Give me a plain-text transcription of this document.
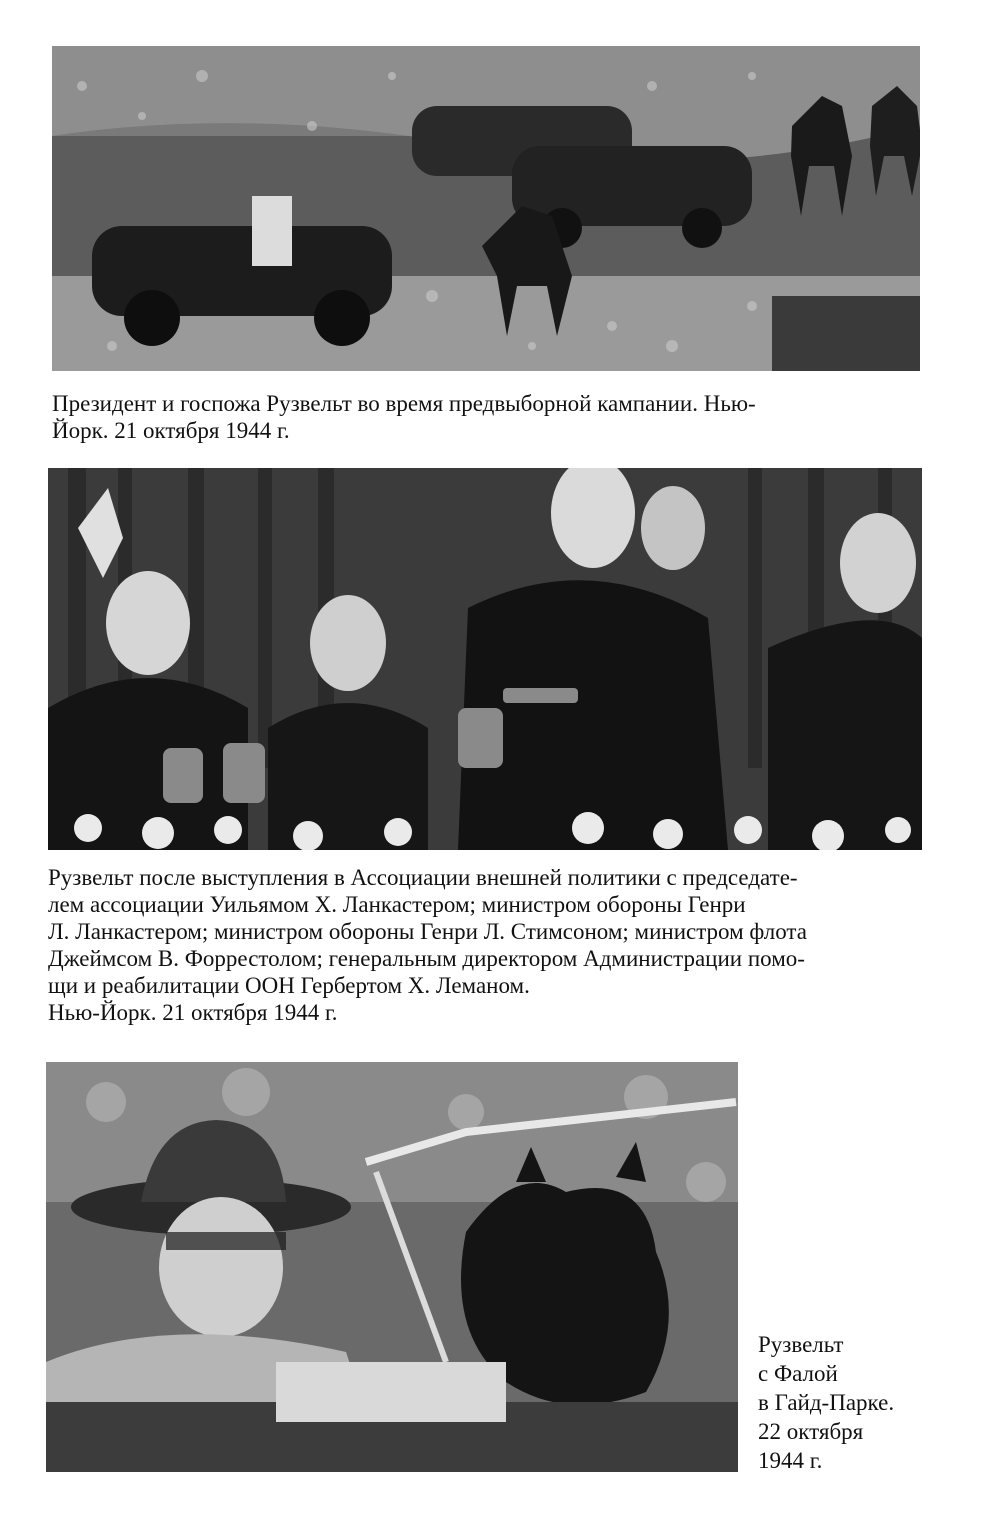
Президент и госпожа Рузвельт во время предвыборной кампании. Нью-
Йорк. 21 октября 1944 г.

Рузвельт после выступления в Ассоциации внешней политики с председате-
лем ассоциации Уильямом Х. Ланкастером; министром обороны Генри
Л. Ланкастером; министром обороны Генри Л. Стимсоном; министром флота
Джеймсом В. Форрестолом; генеральным директором Администрации помо-
щи и реабилитации ООН Гербертом Х. Леманом.
Нью-Йорк. 21 октября 1944 г.

Рузвельт
с Фалой
в Гайд-Парке.
22 октября
1944 г.
